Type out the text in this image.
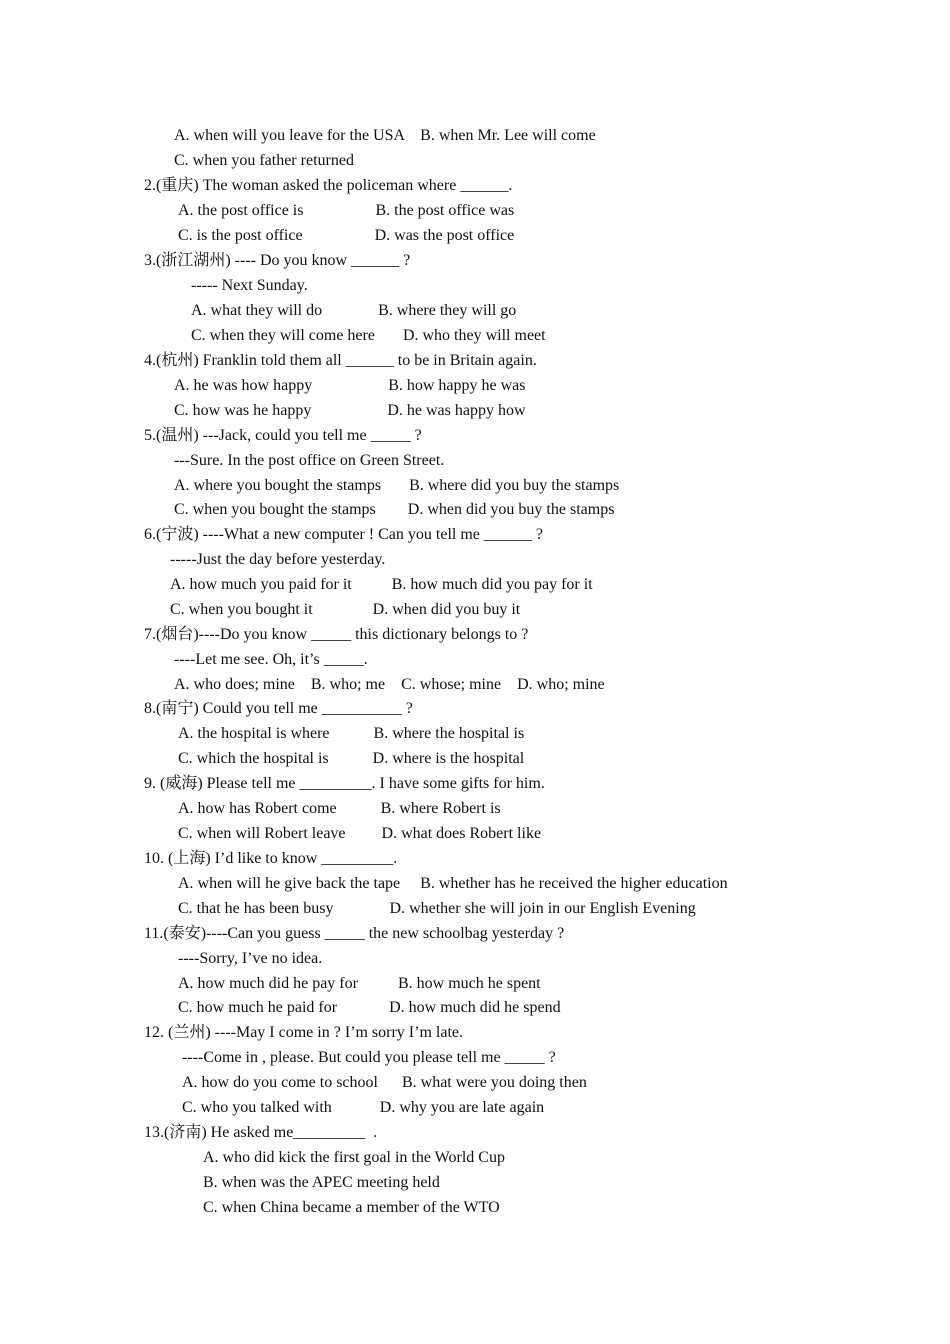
A. when will you leave for the USA    B. when Mr. Lee will come
C. when you father returned
2.(重庆) The woman asked the policeman where ______.
A. the post office is                  B. the post office was
C. is the post office                  D. was the post office
3.(浙江湖州) ---- Do you know ______ ?
----- Next Sunday.
A. what they will do              B. where they will go
C. when they will come here       D. who they will meet
4.(杭州) Franklin told them all ______ to be in Britain again.
A. he was how happy                   B. how happy he was
C. how was he happy                   D. he was happy how
5.(温州) ---Jack, could you tell me _____ ?
---Sure. In the post office on Green Street.
A. where you bought the stamps       B. where did you buy the stamps
C. when you bought the stamps        D. when did you buy the stamps
6.(宁波) ----What a new computer ! Can you tell me ______ ?
-----Just the day before yesterday.
A. how much you paid for it          B. how much did you pay for it
C. when you bought it               D. when did you buy it
7.(烟台)----Do you know _____ this dictionary belongs to ?
----Let me see. Oh, it’s _____.
A. who does; mine    B. who; me    C. whose; mine    D. who; mine
8.(南宁) Could you tell me __________ ?
A. the hospital is where           B. where the hospital is
C. which the hospital is           D. where is the hospital
9. (威海) Please tell me _________. I have some gifts for him.
A. how has Robert come           B. where Robert is
C. when will Robert leave         D. what does Robert like
10. (上海) I’d like to know _________.
A. when will he give back the tape     B. whether has he received the higher education
C. that he has been busy              D. whether she will join in our English Evening
11.(泰安)----Can you guess _____ the new schoolbag yesterday ?
----Sorry, I’ve no idea.
A. how much did he pay for          B. how much he spent
C. how much he paid for             D. how much did he spend
12. (兰州) ----May I come in ? I’m sorry I’m late.
----Come in , please. But could you please tell me _____ ?
A. how do you come to school      B. what were you doing then
C. who you talked with            D. why you are late again
13.(济南) He asked me_________  .
A. who did kick the first goal in the World Cup
B. when was the APEC meeting held
C. when China became a member of the WTO
